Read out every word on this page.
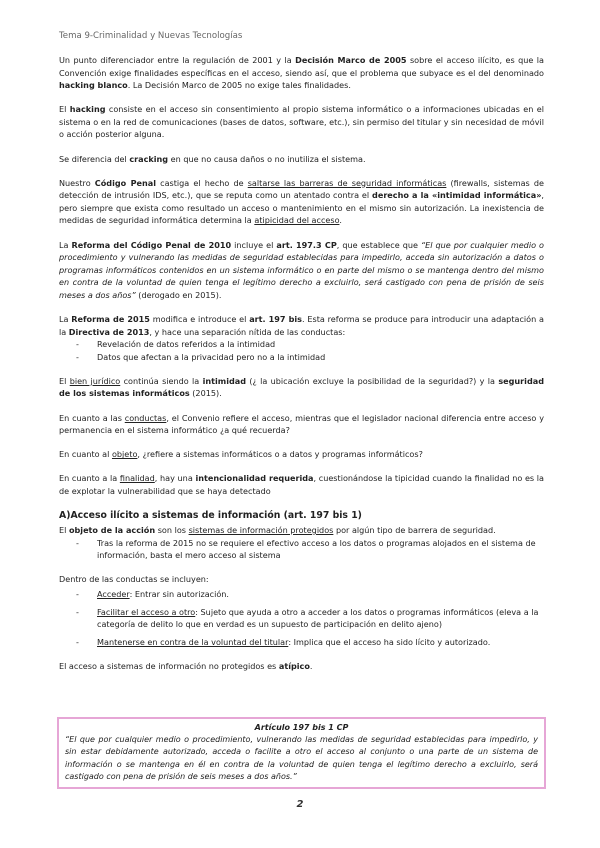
Tema 9-Criminalidad y Nuevas Tecnologías

Un punto diferenciador entre la regulación de 2001 y la Decisión Marco de 2005 sobre el acceso ilícito, es que la Convención exige finalidades específicas en el acceso, siendo así, que el problema que subyace es el del denominado hacking blanco. La Decisión Marco de 2005 no exige tales finalidades.

El hacking consiste en el acceso sin consentimiento al propio sistema informático o a informaciones ubicadas en el sistema o en la red de comunicaciones (bases de datos, software, etc.), sin permiso del titular y sin necesidad de móvil o acción posterior alguna.

Se diferencia del cracking en que no causa daños o no inutiliza el sistema.

Nuestro Código Penal castiga el hecho de saltarse las barreras de seguridad informáticas (firewalls, sistemas de detección de intrusión IDS, etc.), que se reputa como un atentado contra el derecho a la «intimidad informática», pero siempre que exista como resultado un acceso o mantenimiento en el mismo sin autorización. La inexistencia de medidas de seguridad informática determina la atipicidad del acceso.

La Reforma del Código Penal de 2010 incluye el art. 197.3 CP, que establece que “El que por cualquier medio o procedimiento y vulnerando las medidas de seguridad establecidas para impedirlo, acceda sin autorización a datos o programas informáticos contenidos en un sistema informático o en parte del mismo o se mantenga dentro del mismo en contra de la voluntad de quien tenga el legítimo derecho a excluirlo, será castigado con pena de prisión de seis meses a dos años” (derogado en 2015).

La Reforma de 2015 modifica e introduce el art. 197 bis. Esta reforma se produce para introducir una adaptación a la Directiva de 2013, y hace una separación nítida de las conductas:

- Revelación de datos referidos a la intimidad
- Datos que afectan a la privacidad pero no a la intimidad

El bien jurídico continúa siendo la intimidad (¿ la ubicación excluye la posibilidad de la seguridad?) y la seguridad de los sistemas informáticos (2015).

En cuanto a las conductas, el Convenio refiere el acceso, mientras que el legislador nacional diferencia entre acceso y permanencia en el sistema informático ¿a qué recuerda?

En cuanto al objeto, ¿refiere a sistemas informáticos o a datos y programas informáticos?

En cuanto a la finalidad, hay una intencionalidad requerida, cuestionándose la tipicidad cuando la finalidad no es la de explotar la vulnerabilidad que se haya detectado

A)Acceso ilícito a sistemas de información (art. 197 bis 1)

El objeto de la acción son los sistemas de información protegidos por algún tipo de barrera de seguridad.

- Tras la reforma de 2015 no se requiere el efectivo acceso a los datos o programas alojados en el sistema de información, basta el mero acceso al sistema

Dentro de las conductas se incluyen:

- Acceder: Entrar sin autorización.
- Facilitar el acceso a otro: Sujeto que ayuda a otro a acceder a los datos o programas informáticos (eleva a la categoría de delito lo que en verdad es un supuesto de participación en delito ajeno)
- Mantenerse en contra de la voluntad del titular: Implica que el acceso ha sido lícito y autorizado.

El acceso a sistemas de información no protegidos es atípico.

Artículo 197 bis 1 CP
“El que por cualquier medio o procedimiento, vulnerando las medidas de seguridad establecidas para impedirlo, y sin estar debidamente autorizado, acceda o facilite a otro el acceso al conjunto o una parte de un sistema de información o se mantenga en él en contra de la voluntad de quien tenga el legítimo derecho a excluirlo, será castigado con pena de prisión de seis meses a dos años.”
2
